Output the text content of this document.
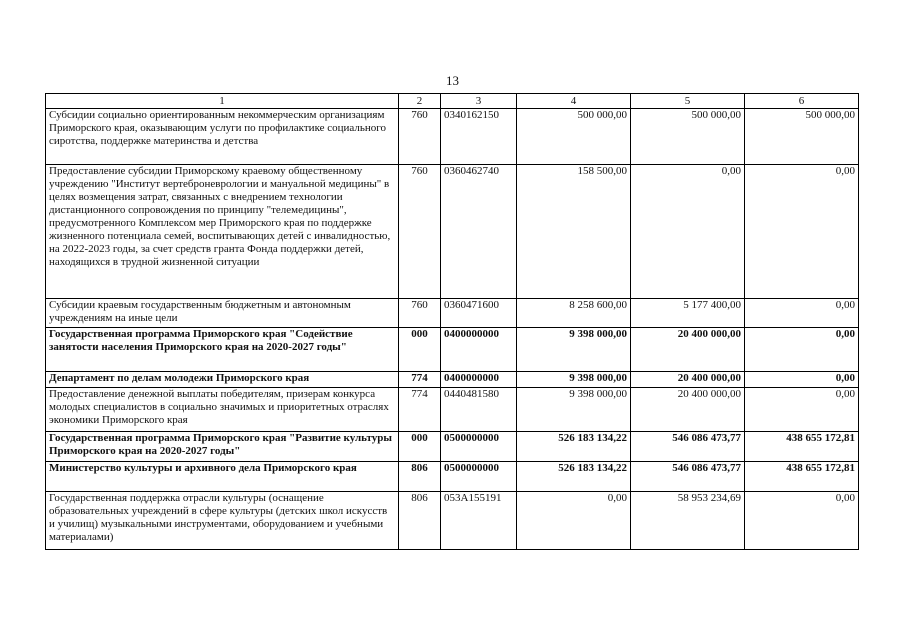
13
1	2	3	4	5	6
Субсидии социально ориентированным некоммерческим организациям Приморского края, оказывающим услуги по профилактике социального сиротства, поддержке материнства и детства	760	0340162150	500 000,00	500 000,00	500 000,00
Предоставление субсидии Приморскому краевому общественному учреждению "Институт вертеброневрологии и мануальной медицины" в целях возмещения затрат, связанных с внедрением технологии дистанционного сопровождения по принципу "телемедицины", предусмотренного Комплексом мер Приморского края по поддержке жизненного потенциала семей, воспитывающих детей с инвалидностью, на 2022-2023 годы, за счет средств гранта Фонда поддержки детей, находящихся в трудной жизненной ситуации	760	0360462740	158 500,00	0,00	0,00
Субсидии краевым государственным бюджетным и автономным учреждениям на иные цели	760	0360471600	8 258 600,00	5 177 400,00	0,00
Государственная программа Приморского края "Содействие занятости населения Приморского края на 2020-2027 годы"	000	0400000000	9 398 000,00	20 400 000,00	0,00
Департамент по делам молодежи Приморского края	774	0400000000	9 398 000,00	20 400 000,00	0,00
Предоставление денежной выплаты победителям, призерам конкурса молодых специалистов в социально значимых и приоритетных отраслях экономики Приморского края	774	0440481580	9 398 000,00	20 400 000,00	0,00
Государственная программа Приморского края "Развитие культуры Приморского края на 2020-2027 годы"	000	0500000000	526 183 134,22	546 086 473,77	438 655 172,81
Министерство культуры и архивного дела Приморского края	806	0500000000	526 183 134,22	546 086 473,77	438 655 172,81
Государственная поддержка отрасли культуры (оснащение образовательных учреждений в сфере культуры (детских школ искусств и училищ) музыкальными инструментами, оборудованием и учебными материалами)	806	053A155191	0,00	58 953 234,69	0,00
